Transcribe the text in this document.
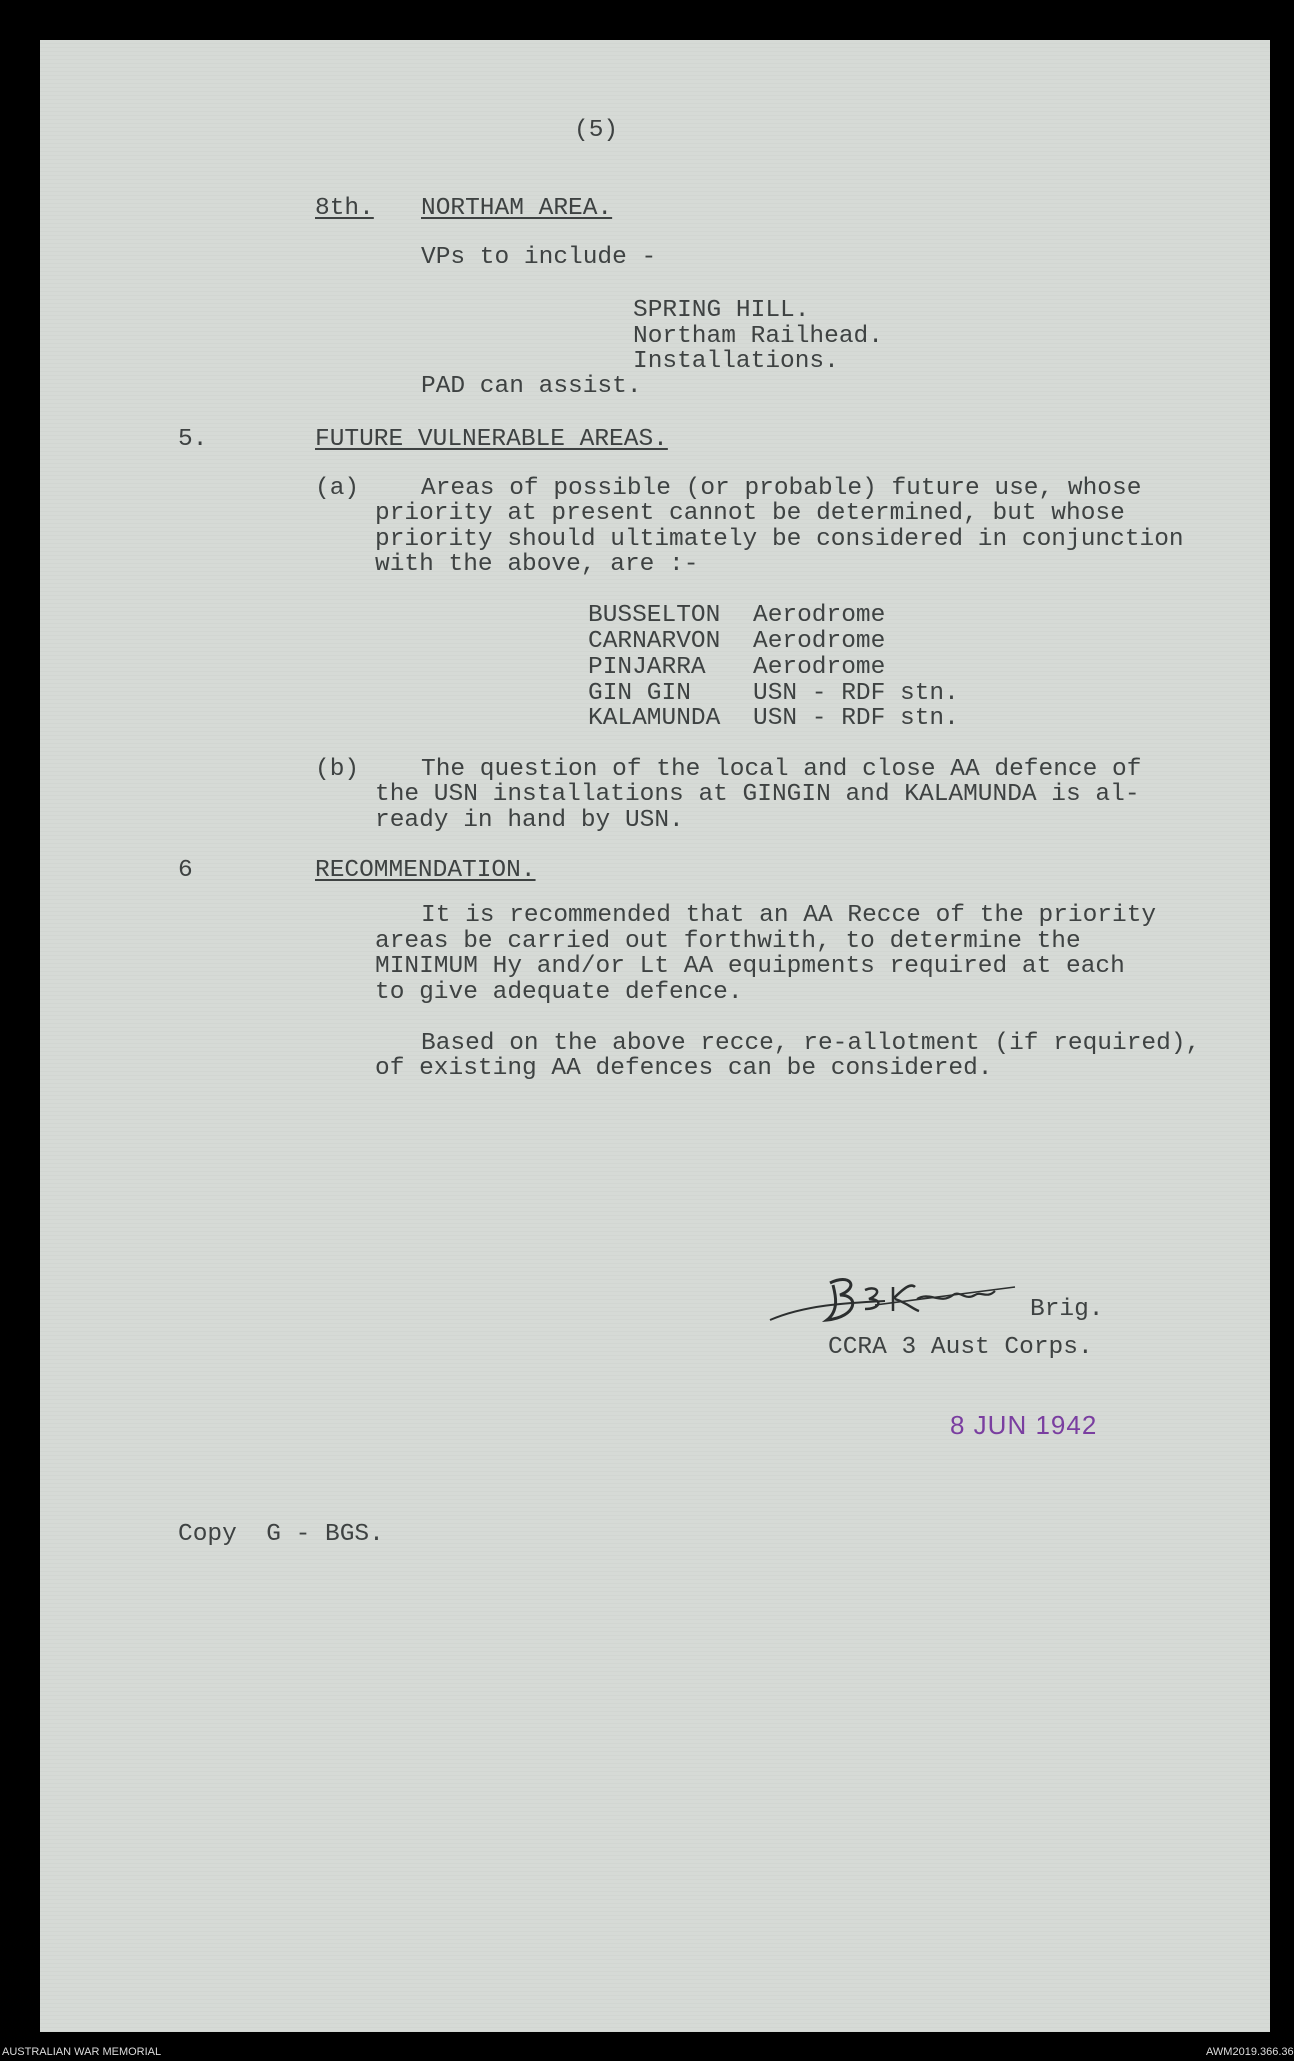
(5)
8th. NORTHAM AREA.
VPs to include -
SPRING HILL.
Northam Railhead.
Installations.
PAD can assist.
5.	FUTURE VULNERABLE AREAS.
(a)	Areas of possible (or probable) future use, whose
priority at present cannot be determined, but whose
priority should ultimately be considered in conjunction
with the above, are :-
BUSSELTON Aerodrome
CARNARVON Aerodrome
PINJARRA Aerodrome
GIN GIN	USN - RDF stn.
KALAMUNDA USN - RDF stn.
(b)	The question of the local and close AA defence of
the USN installations at GINGIN and KALAMUNDA is al-
ready in hand by USN.
6	RECOMMENDATION.
It is recommended that an AA Recce of the priority
areas be carried out forthwith, to determine the
MINIMUM Hy and/or Lt AA equipments required at each
to give adequate defence.
Based on the above recce, re-allotment (if required),
of existing AA defences can be considered.
Brig.
CCRA 3 Aust Corps.
8 JUN 1942
Copy  G - BGS.
AUSTRALIAN WAR MEMORIAL	AWM2019.366.36
